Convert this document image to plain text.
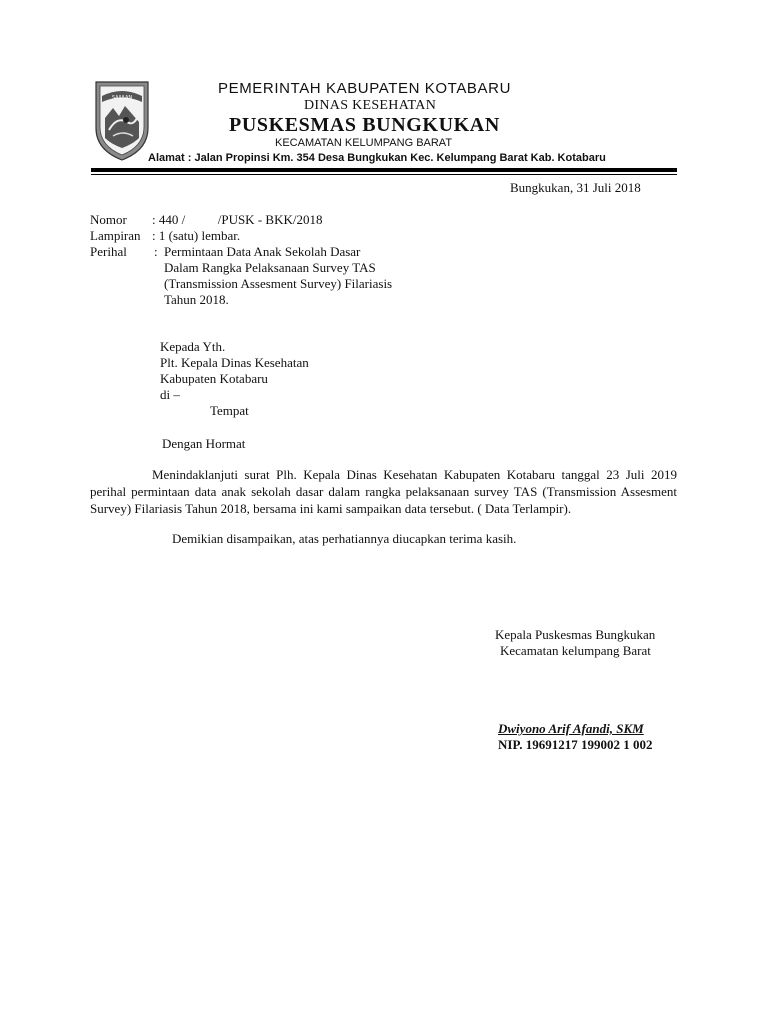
SAIJAAN
PEMERINTAH KABUPATEN KOTABARU
DINAS KESEHATAN
PUSKESMAS BUNGKUKAN
KECAMATAN KELUMPANG BARAT
Alamat : Jalan Propinsi Km. 354 Desa Bungkukan Kec. Kelumpang Barat Kab. Kotabaru
Bungkukan, 31 Juli 2018
Nomor : 440 /          /PUSK - BKK/2018
Lampiran : 1 (satu) lembar.
Perihal : Permintaan Data Anak Sekolah Dasar
Dalam Rangka Pelaksanaan Survey TAS
(Transmission Assesment Survey) Filariasis
Tahun 2018.
Kepada Yth.
Plt. Kepala Dinas Kesehatan
Kabupaten Kotabaru
di –
Tempat
Dengan Hormat
Menindaklanjuti surat Plh. Kepala Dinas Kesehatan Kabupaten Kotabaru tanggal 23 Juli 2019 perihal permintaan data anak sekolah dasar dalam rangka pelaksanaan survey TAS (Transmission Assesment Survey) Filariasis Tahun 2018, bersama ini kami sampaikan data tersebut. ( Data Terlampir).
Demikian disampaikan, atas perhatiannya diucapkan terima kasih.
Kepala Puskesmas Bungkukan
Kecamatan kelumpang Barat
Dwiyono Arif Afandi, SKM
NIP. 19691217 199002 1 002
